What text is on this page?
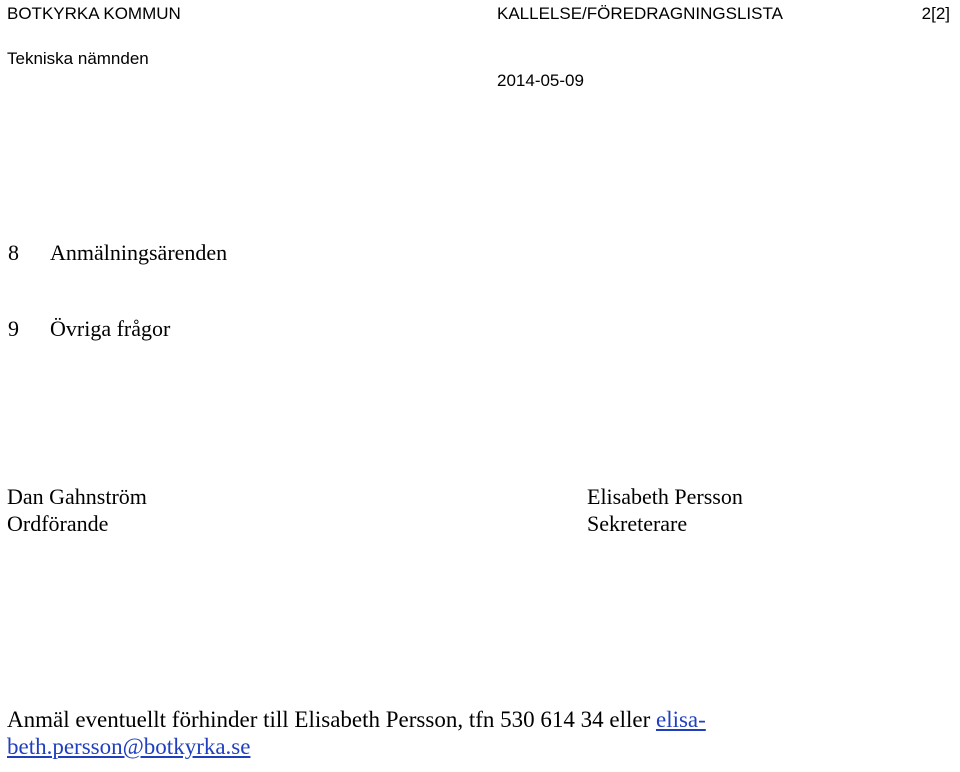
BOTKYRKA KOMMUN
Tekniska nämnden
KALLELSE/FÖREDRAGNINGSLISTA
2014-05-09
2[2]
8 Anmälningsärenden
9 Övriga frågor
Dan Gahnström
Ordförande
Elisabeth Persson
Sekreterare
Anmäl eventuellt förhinder till Elisabeth Persson, tfn 530 614 34 eller elisa-beth.persson@botkyrka.se
